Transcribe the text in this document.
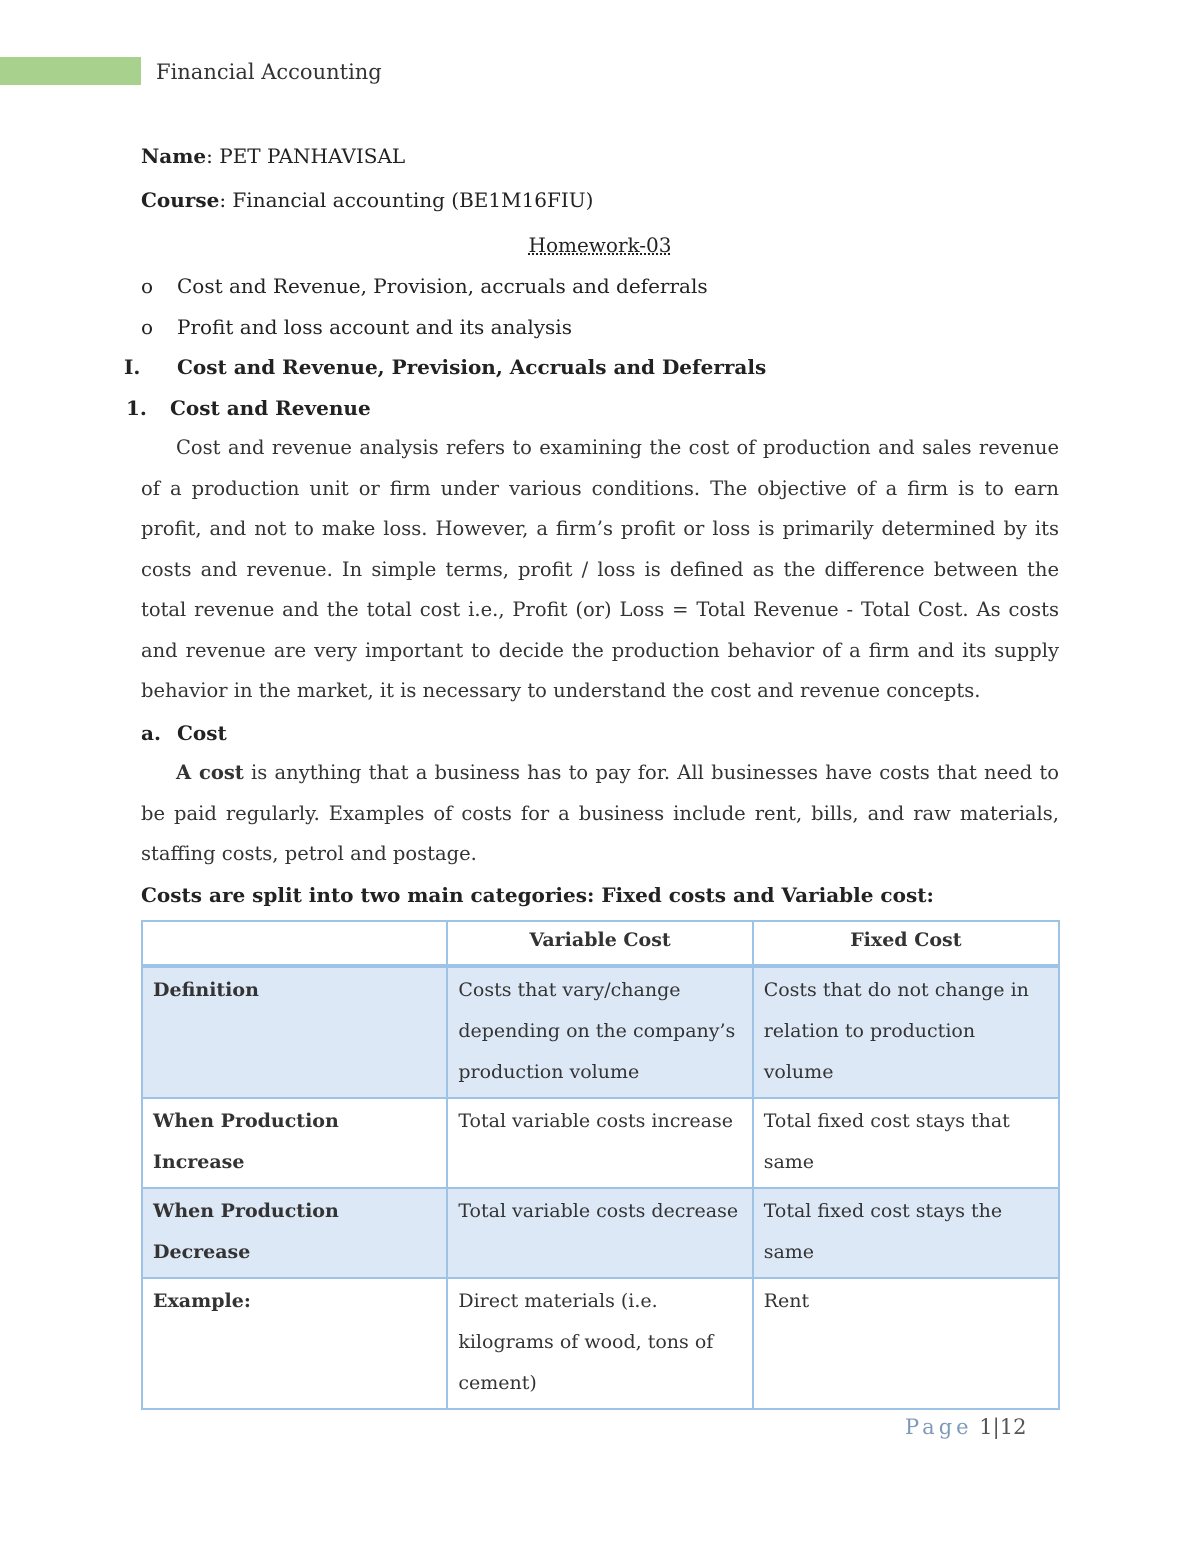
Financial Accounting
Name: PET PANHAVISAL
Course: Financial accounting (BE1M16FIU)
Homework-03
o Cost and Revenue, Provision, accruals and deferrals
o Profit and loss account and its analysis
I. Cost and Revenue, Prevision, Accruals and Deferrals
1. Cost and Revenue
Cost and revenue analysis refers to examining the cost of production and sales revenue of a production unit or firm under various conditions. The objective of a firm is to earn profit, and not to make loss. However, a firm’s profit or loss is primarily determined by its costs and revenue. In simple terms, profit / loss is defined as the difference between the total revenue and the total cost i.e., Profit (or) Loss = Total Revenue - Total Cost. As costs and revenue are very important to decide the production behavior of a firm and its supply behavior in the market, it is necessary to understand the cost and revenue concepts.
a. Cost
A cost is anything that a business has to pay for. All businesses have costs that need to be paid regularly. Examples of costs for a business include rent, bills, and raw materials, staffing costs, petrol and postage.
Costs are split into two main categories: Fixed costs and Variable cost:
	Variable Cost	Fixed Cost
Definition	Costs that vary/change depending on the company’s production volume	Costs that do not change in relation to production volume
When Production Increase	Total variable costs increase	Total fixed cost stays that same
When Production Decrease	Total variable costs decrease	Total fixed cost stays the same
Example:	Direct materials (i.e. kilograms of wood, tons of cement)	Rent
Page 1|12
